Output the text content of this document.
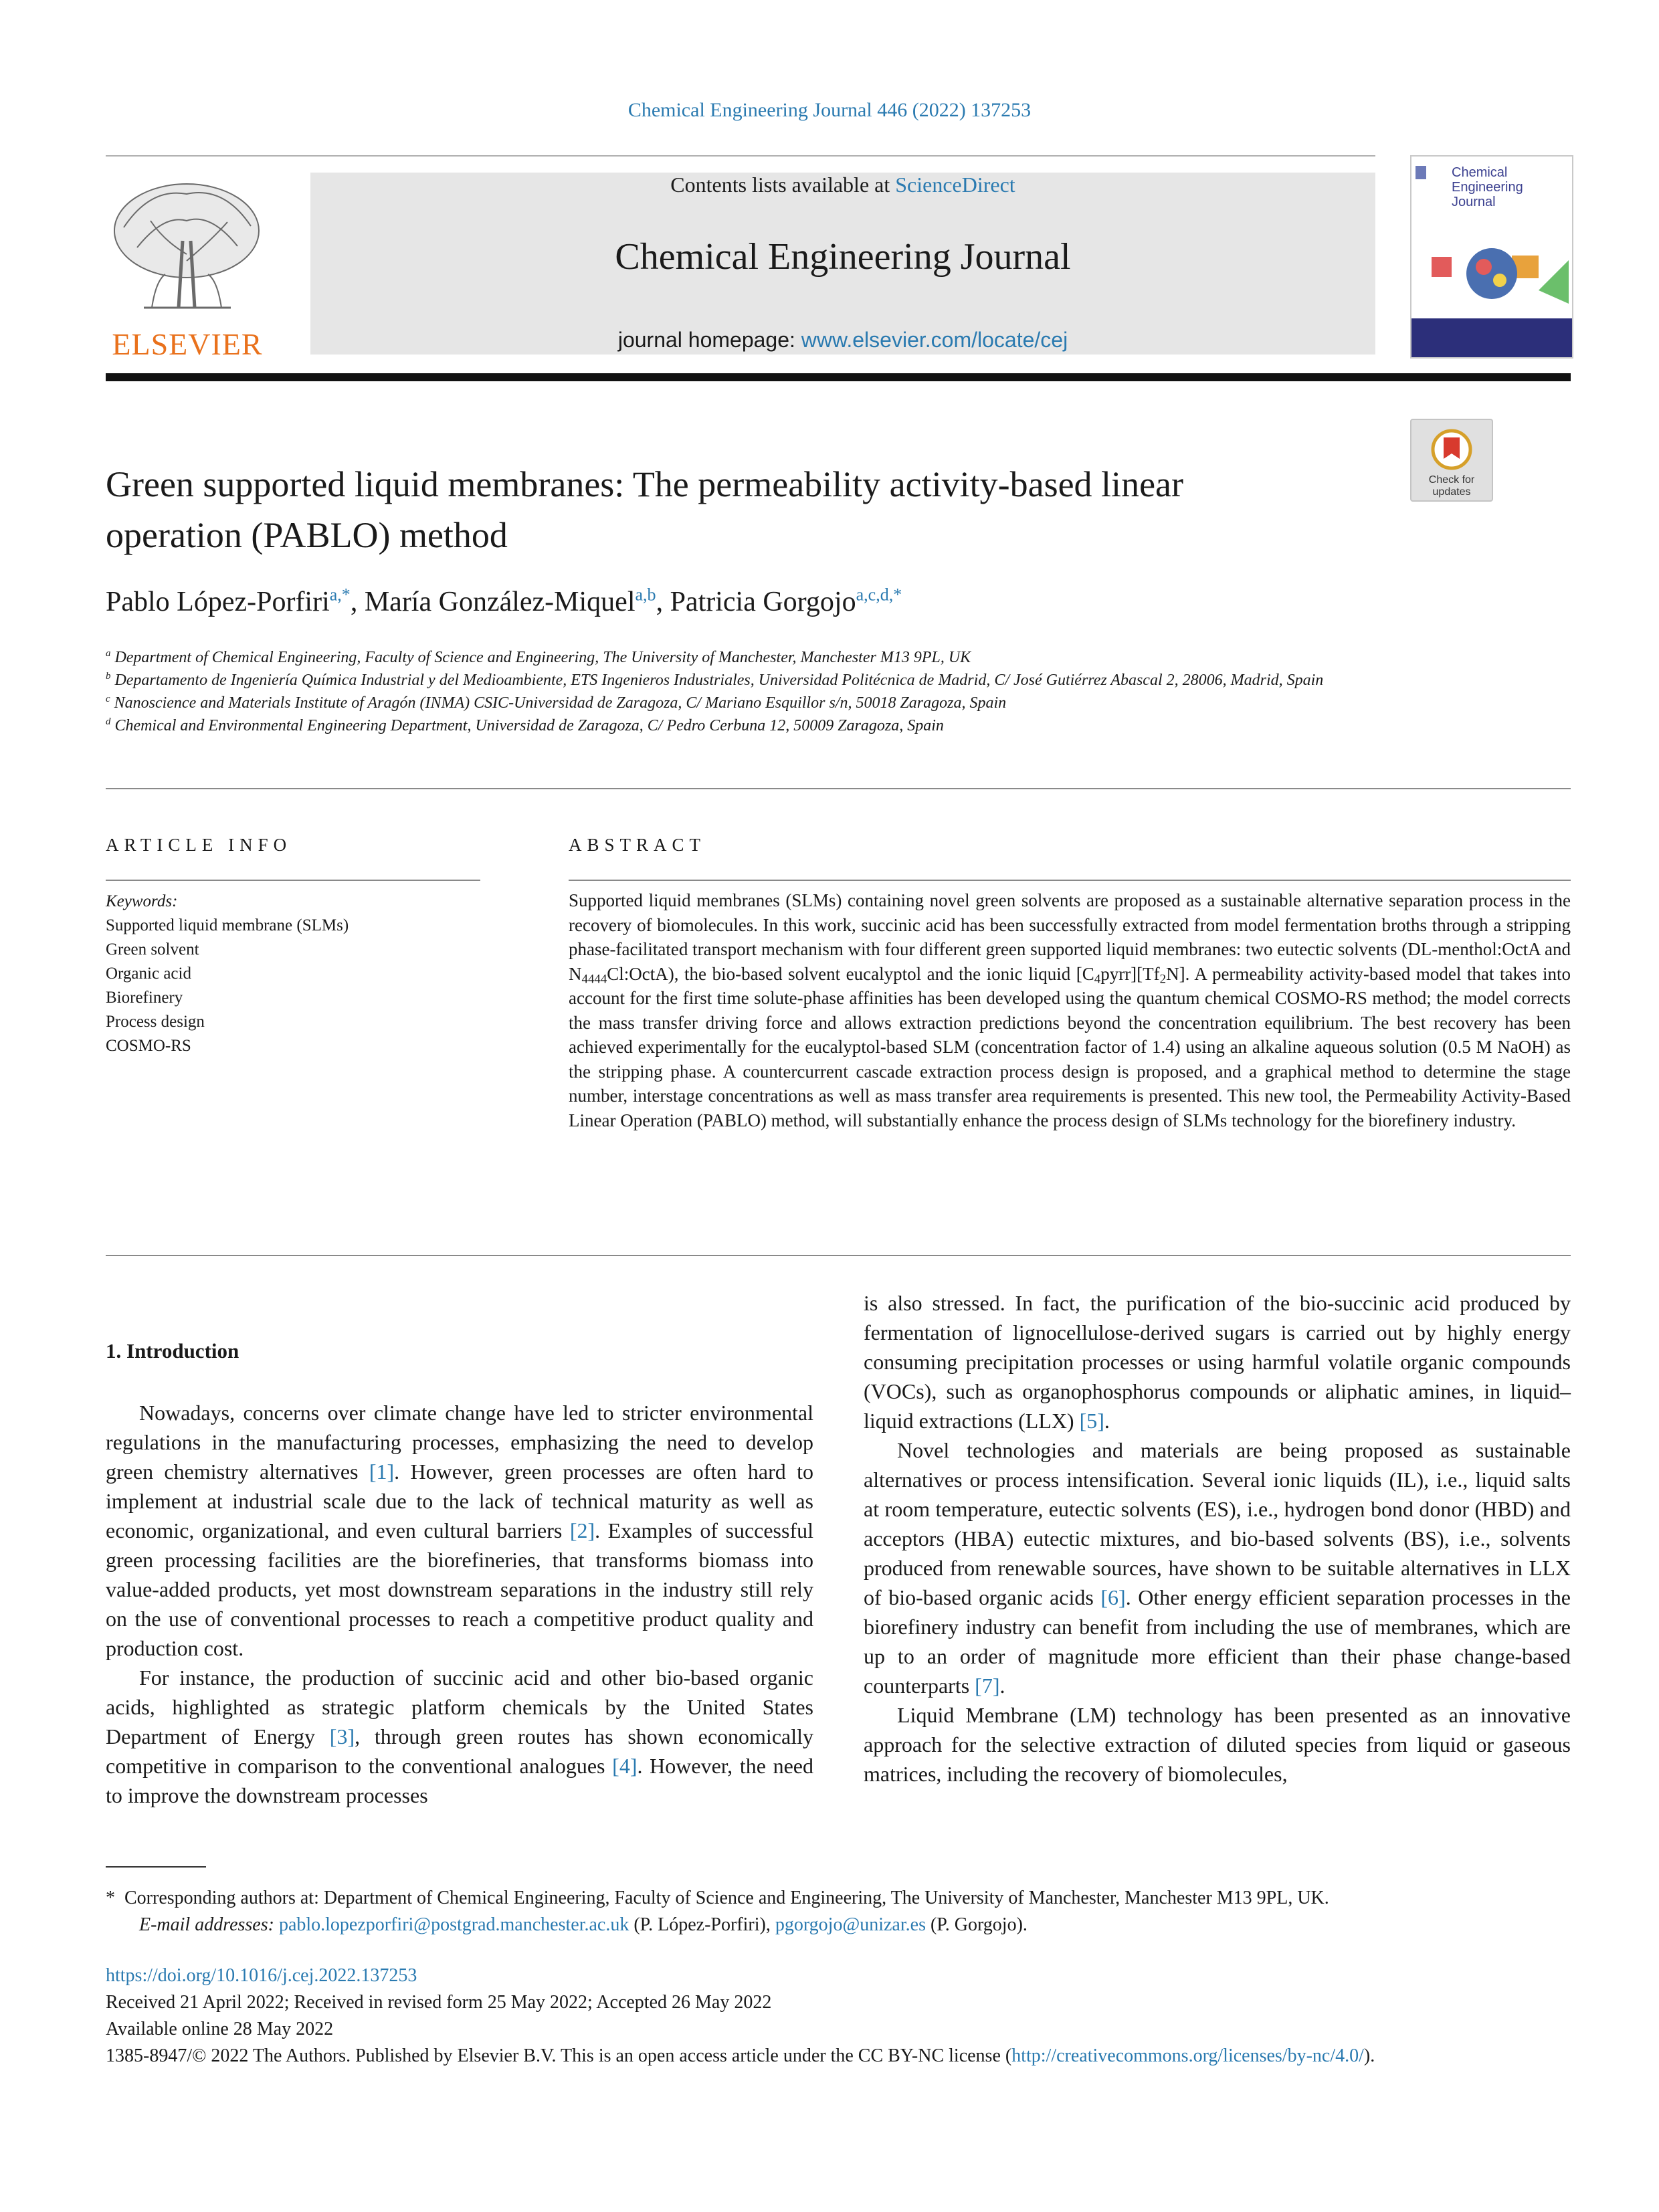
Chemical Engineering Journal 446 (2022) 137253
ELSEVIER
Contents lists available at ScienceDirect
Chemical Engineering Journal
journal homepage: www.elsevier.com/locate/cej
Chemical
Engineering
Journal
Check for
updates
Green supported liquid membranes: The permeability activity-based linear
operation (PABLO) method
Pablo López-Porfiri$^{a,*}$, María González-Miquel$^{a,b}$, Patricia Gorgojo$^{a,c,d,*}$
$^a$ Department of Chemical Engineering, Faculty of Science and Engineering, The University of Manchester, Manchester M13 9PL, UK
$^b$ Departamento de Ingeniería Química Industrial y del Medioambiente, ETS Ingenieros Industriales, Universidad Politécnica de Madrid, C/ José Gutiérrez Abascal 2, 28006, Madrid, Spain
$^c$ Nanoscience and Materials Institute of Aragón (INMA) CSIC-Universidad de Zaragoza, C/ Mariano Esquillor s/n, 50018 Zaragoza, Spain
$^d$ Chemical and Environmental Engineering Department, Universidad de Zaragoza, C/ Pedro Cerbuna 12, 50009 Zaragoza, Spain
ARTICLE INFO	ABSTRACT
Keywords:
Supported liquid membrane (SLMs)
Green solvent
Organic acid
Biorefinery
Process design
COSMO-RS
Supported liquid membranes (SLMs) containing novel green solvents are proposed as a sustainable alternative separation process in the recovery of biomolecules. In this work, succinic acid has been successfully extracted from model fermentation broths through a stripping phase-facilitated transport mechanism with four different green supported liquid membranes: two eutectic solvents (DL-menthol:OctA and $N_{4444}Cl:OctA$), the bio-based solvent eucalyptol and the ionic liquid $[C_4pyrr][Tf_2N]$. A permeability activity-based model that takes into account for the first time solute-phase affinities has been developed using the quantum chemical COSMO-RS method; the model corrects the mass transfer driving force and allows extraction predictions beyond the concentration equilibrium. The best recovery has been achieved experimentally for the eucalyptol-based SLM (concentration factor of 1.4) using an alkaline aqueous solution (0.5 M NaOH) as the stripping phase. A countercurrent cascade extraction process design is proposed, and a graphical method to determine the stage number, interstage concentrations as well as mass transfer area requirements is presented. This new tool, the Permeability Activity-Based Linear Operation (PABLO) method, will substantially enhance the process design of SLMs technology for the biorefinery industry.
1. Introduction

Nowadays, concerns over climate change have led to stricter environmental regulations in the manufacturing processes, emphasizing the need to develop green chemistry alternatives [1]. However, green processes are often hard to implement at industrial scale due to the lack of technical maturity as well as economic, organizational, and even cultural barriers [2]. Examples of successful green processing facilities are the biorefineries, that transforms biomass into value-added products, yet most downstream separations in the industry still rely on the use of conventional processes to reach a competitive product quality and production cost.

For instance, the production of succinic acid and other bio-based organic acids, highlighted as strategic platform chemicals by the United States Department of Energy [3], through green routes has shown economically competitive in comparison to the conventional analogues [4]. However, the need to improve the downstream processes

is also stressed. In fact, the purification of the bio-succinic acid produced by fermentation of lignocellulose-derived sugars is carried out by highly energy consuming precipitation processes or using harmful volatile organic compounds (VOCs), such as organophosphorus compounds or aliphatic amines, in liquid–liquid extractions (LLX) [5].

Novel technologies and materials are being proposed as sustainable alternatives or process intensification. Several ionic liquids (IL), i.e., liquid salts at room temperature, eutectic solvents (ES), i.e., hydrogen bond donor (HBD) and acceptors (HBA) eutectic mixtures, and bio-based solvents (BS), i.e., solvents produced from renewable sources, have shown to be suitable alternatives in LLX of bio-based organic acids [6]. Other energy efficient separation processes in the biorefinery industry can benefit from including the use of membranes, which are up to an order of magnitude more efficient than their phase change-based counterparts [7].

Liquid Membrane (LM) technology has been presented as an innovative approach for the selective extraction of diluted species from liquid or gaseous matrices, including the recovery of biomolecules,

* Corresponding authors at: Department of Chemical Engineering, Faculty of Science and Engineering, The University of Manchester, Manchester M13 9PL, UK.
E-mail addresses: pablo.lopezporfiri@postgrad.manchester.ac.uk (P. López-Porfiri), pgorgojo@unizar.es (P. Gorgojo).
https://doi.org/10.1016/j.cej.2022.137253
Received 21 April 2022; Received in revised form 25 May 2022; Accepted 26 May 2022
Available online 28 May 2022
1385-8947/© 2022 The Authors. Published by Elsevier B.V. This is an open access article under the CC BY-NC license (http://creativecommons.org/licenses/by-nc/4.0/).
